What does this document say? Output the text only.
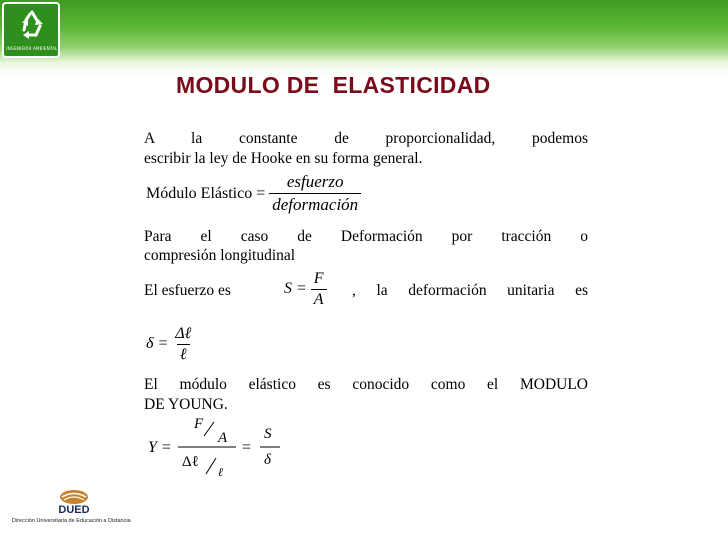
INGENIERÍA AMBIENTAL
MODULO DE  ELASTICIDAD
A la constante de proporcionalidad, podemos
escribir la ley de Hooke en su forma general.
Módulo Elástico = $\frac{\text{esfuerzo}}{\text{deformación}}$
Para el caso de Deformación por tracción o
compresión longitudinal
El esfuerzo es	$S = \frac{F}{A}$ , la deformación unitaria es
$\delta = \frac{\text{Δℓ}}{\text{ℓ}}$
El módulo elástico es conocido como el MODULO
DE YOUNG.
Y =
F
A
Δℓ
ℓ
=
S
δ
DUED
Dirección Universitaria de Educación a Distancia
